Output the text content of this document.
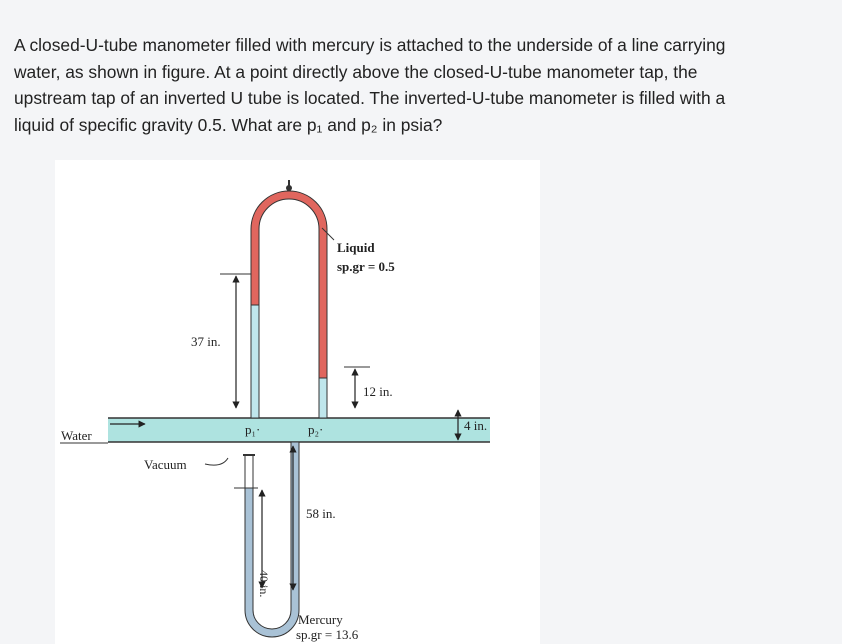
A closed-U-tube manometer filled with mercury is attached to the underside of a line carrying
water, as shown in figure. At a point directly above the closed-U-tube manometer tap, the
upstream tap of an inverted U tube is located. The inverted-U-tube manometer is filled with a
liquid of specific gravity 0.5. What are p₁ and p₂ in psia?
37 in.
12 in.
4 in.
Water	p₁·	p₂·
Liquid
sp.gr = 0.5
Vacuum
58 in.
40 in.
Mercury
sp.gr = 13.6
